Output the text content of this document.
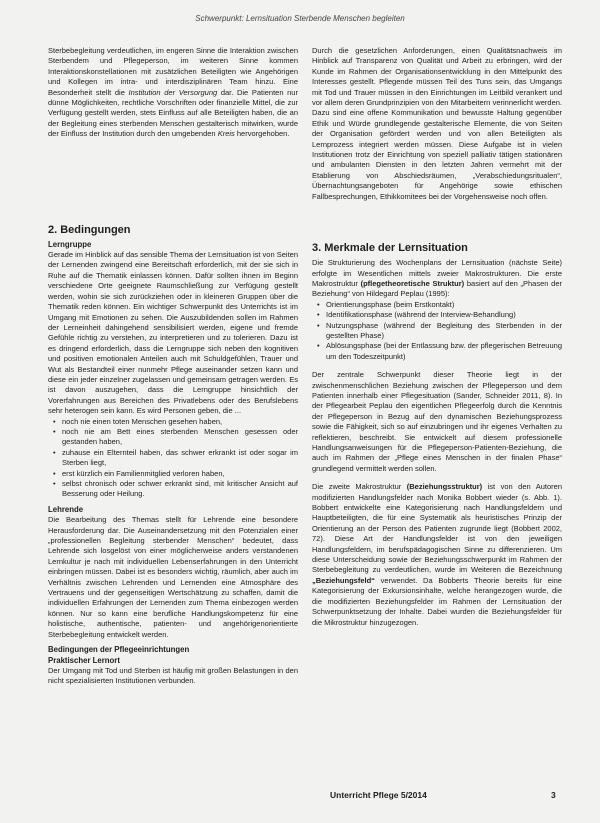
Schwerpunkt: Lernsituation Sterbende Menschen begleiten

Sterbebegleitung verdeutlichen, im engeren Sinne die Interaktion zwischen Sterbendem und Pflegeperson, im weiteren Sinne kommen Interaktionskonstellationen mit zusätzlichen Beteiligten wie Angehörigen und Kollegen im intra- und interdisziplinären Team hinzu. Eine Besonderheit stellt die Institution der Versorgung dar. Die Patienten nur dünne Möglichkeiten, rechtliche Vorschriften oder finanzielle Mittel, die zur Verfügung gestellt werden, stets Einfluss auf alle Beteiligten haben, die an der Begleitung eines sterbenden Menschen gestalterisch mitwirken, wurde der Einfluss der Institution durch den umgebenden Kreis hervorgehoben.

2. Bedingungen
Lerngruppe

Gerade im Hinblick auf das sensible Thema der Lernsituation ist von Seiten der Lernenden zwingend eine Bereitschaft erforderlich, mit der sie sich in Ruhe auf die Thematik einlassen können. Dafür sollten ihnen im Beginn verschiedene Orte geeignete Raumschließung zur Verfügung gestellt werden, wohin sie sich zurückziehen oder in kleineren Gruppen über die Thematik reden können. Ein wichtiger Schwerpunkt des Unterrichts ist im Umgang mit Emotionen zu sehen. Die Auszubildenden sollen im Rahmen der Lerneinheit dahingehend sensibilisiert werden, eigene und fremde Gefühle richtig zu verstehen, zu interpretieren und zu tolerieren. Dazu ist es dringend erforderlich, dass die Lerngruppe sich neben den kognitiven und positiven emotionalen Anteilen auch mit Schuldgefühlen, Trauer und Wut als Bestandteil einer nunmehr Pflege auseinander setzen kann und diese ein jeder einzelner zugelassen und gemeinsam getragen werden. Es ist davon auszugehen, dass die Lerngruppe hinsichtlich der Vorerfahrungen aus Bereichen des Privatlebens oder des Berufslebens sehr heterogen sein kann. Es wird Personen geben, die ...

• noch nie einen toten Menschen gesehen haben,
• noch nie am Bett eines sterbenden Menschen gesessen oder gestanden haben,
• zuhause ein Elternteil haben, das schwer erkrankt ist oder sogar im Sterben liegt,
• erst kürzlich ein Familienmitglied verloren haben,
• selbst chronisch oder schwer erkrankt sind, mit kritischer Ansicht auf Besserung oder Heilung.
Lehrende

Die Bearbeitung des Themas stellt für Lehrende eine besondere Herausforderung dar. Die Auseinandersetzung mit den Potenzialen einer „professionellen Begleitung sterbender Menschen“ bedeutet, dass Lehrende sich losgelöst von einer möglicherweise anders verstandenen Lernkultur je nach mit individuellen Lebenserfahrungen in den Unterricht einbringen müssen. Dabei ist es besonders wichtig, räumlich, aber auch im Verhältnis zwischen Lehrenden und Lernenden eine Atmosphäre des Vertrauens und der gegenseitigen Wertschätzung zu schaffen, damit die individuellen Erfahrungen der Lernenden zum Thema einbezogen werden können. Nur so kann eine berufliche Handlungskompetenz für eine holistische, authentische, patienten- und angehörigenorientierte Sterbebegleitung entwickelt werden.

Bedingungen der Pflegeeinrichtungen
Praktischer Lernort

Der Umgang mit Tod und Sterben ist häufig mit großen Belastungen in den nicht spezialisierten Institutionen verbunden.

Durch die gesetzlichen Anforderungen, einen Qualitätsnachweis im Hinblick auf Transparenz von Qualität und Arbeit zu erbringen, wird der Kunde im Rahmen der Organisationsentwicklung in den Mittelpunkt des Interesses gestellt. Pflegende müssen Teil des Tuns sein, das Umgangs mit Tod und Trauer müssen in den Einrichtungen im Leitbild verankert und vor allem deren Grundprinzipien von den Mitarbeitern verinnerlicht werden. Dazu sind eine offene Kommunikation und bewusste Haltung gegenüber Ethik und Würde grundlegende gestalterische Elemente, die von Seiten der Organisation gefördert werden und von allen Beteiligten als Lernprozess integriert werden müssen. Diese Aufgabe ist in vielen Institutionen trotz der Einrichtung von speziell palliativ tätigen stationären und ambulanten Diensten in den letzten Jahren vermehrt mit der Etablierung von Abschiedsräumen, „Verabschiedungsritualen“, Übernachtungsangeboten für Angehörige sowie ethischen Fallbesprechungen, Ethikkomitees bei der Vorgehensweise noch offen.

3. Merkmale der Lernsituation

Die Strukturierung des Wochenplans der Lernsituation (nächste Seite) erfolgte im Wesentlichen mittels zweier Makrostrukturen. Die erste Makrostruktur (pflegetheoretische Struktur) basiert auf den „Phasen der Beziehung“ von Hildegard Peplau (1995):

• Orientierungsphase (beim Erstkontakt)
• Identifikationsphase (während der Interview-Behandlung)
• Nutzungsphase (während der Begleitung des Sterbenden in der gestellten Phase)
• Ablösungsphase (bei der Entlassung bzw. der pflegerischen Betreuung um den Todeszeitpunkt)

Der zentrale Schwerpunkt dieser Theorie liegt in der zwischenmenschlichen Beziehung zwischen der Pflegeperson und dem Patienten innerhalb einer Pflegesituation (Sander, Schneider 2011, 8). In der Pflegearbeit Peplau den eigentlichen Pflegeerfolg durch die Kenntnis der Pflegeperson in Bezug auf den dynamischen Beziehungsprozess sowie die Fähigkeit, sich so auf einzubringen und ihr eigenes Verhalten zu reflektieren, beschreibt. Sie entwickelt auf diesem professionelle Handlungsanweisungen für die Pflegeperson-Patienten-Beziehung, die auch im Rahmen der „Pflege eines Menschen in der finalen Phase“ grundlegend vermittelt werden sollen.

Die zweite Makrostruktur (Beziehungsstruktur) ist von den Autoren modifizierten Handlungsfelder nach Monika Bobbert wieder (s. Abb. 1). Bobbert entwickelte eine Kategorisierung nach Handlungsfeldern und Hauptbeteiligten, die für eine Systematik als heuristisches Prinzip der Orientierung an der Person des Patienten zugrunde liegt (Bobbert 2002, 72). Diese Art der Handlungsfelder ist von den jeweiligen Handlungsfeldern, im berufspädagogischen Sinne zu differenzieren. Um diese Unterscheidung sowie der Beziehungsschwerpunkt im Rahmen der Sterbebegleitung zu verdeutlichen, wurde im Weiteren die Bezeichnung „Beziehungsfeld“ verwendet. Da Bobberts Theorie bereits für eine Kategorisierung der Exkursionsinhalte, welche herangezogen wurde, die die modifizierten Beziehungsfelder im Rahmen der Lernsituation der Schwerpunktsetzung der Inhalte. Dabei wurden die Beziehungsfelder für die Mikrostruktur hinzugezogen.

Unterricht Pflege 5/2014	3
